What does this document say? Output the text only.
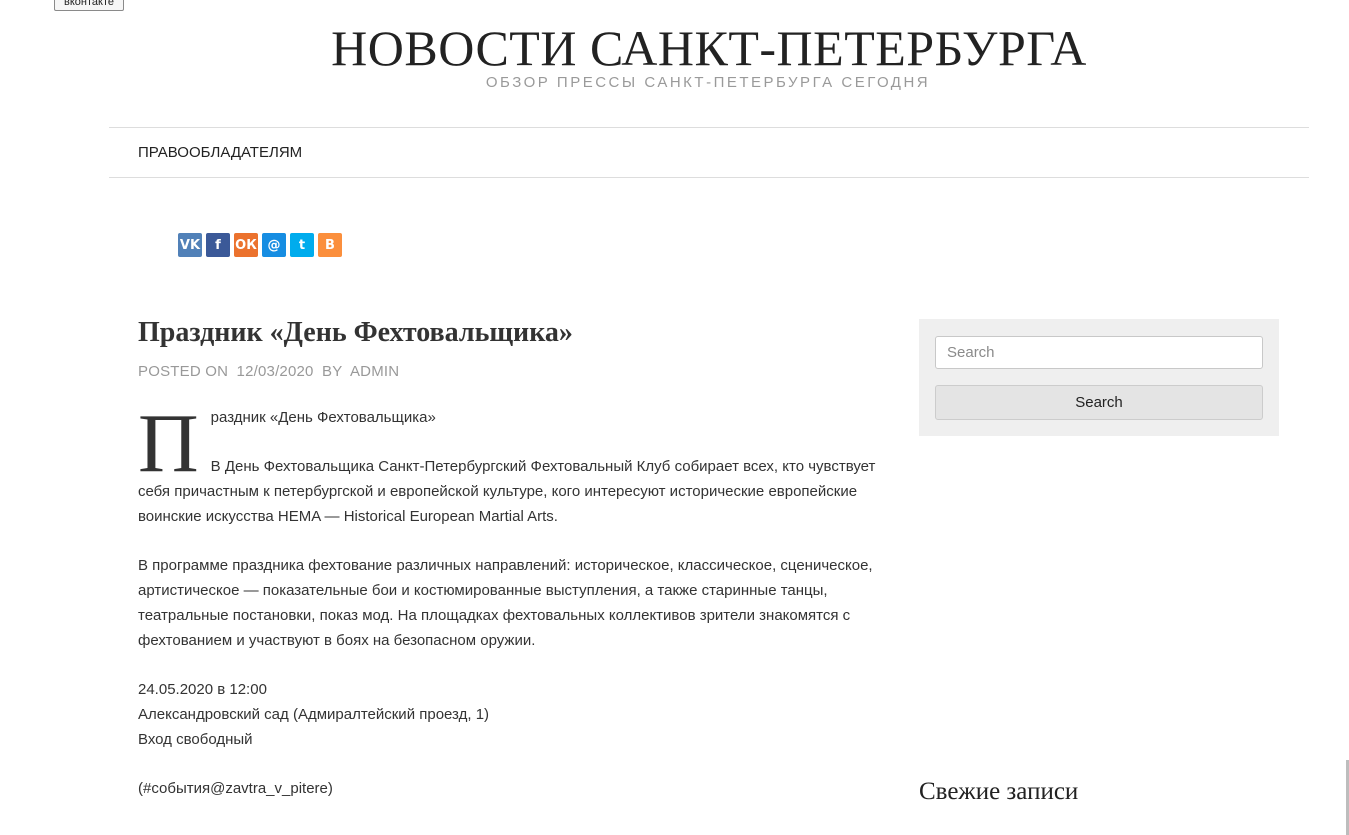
вконтакте
НОВОСТИ САНКТ-ПЕТЕРБУРГА
ОБЗОР ПРЕССЫ САНКТ-ПЕТЕРБУРГА СЕГОДНЯ
ПРАВООБЛАДАТЕЛЯМ
VK	f	ОК @	t	B
Праздник «День Фехтовальщика»
POSTED ON 12/03/2020 BY ADMIN

П раздник «День Фехтовальщика»

В День Фехтовальщика Санкт-Петербургский Фехтовальный Клуб собирает всех, кто чувствует себя причастным к петербургской и европейской культуре, кого интересуют исторические европейские воинские искусства HEMA — Historical European Martial Arts.

В программе праздника фехтование различных направлений: историческое, классическое, сценическое, артистическое — показательные бои и костюмированные выступления, а также старинные танцы, театральные постановки, показ мод. На площадках фехтовальных коллективов зрители знакомятся с фехтованием и участвуют в боях на безопасном оружии.

24.05.2020 в 12:00
Александровский сад (Адмиралтейский проезд, 1)
Вход свободный

(#события@zavtra_v_pitere)

Search
Search
Свежие записи
